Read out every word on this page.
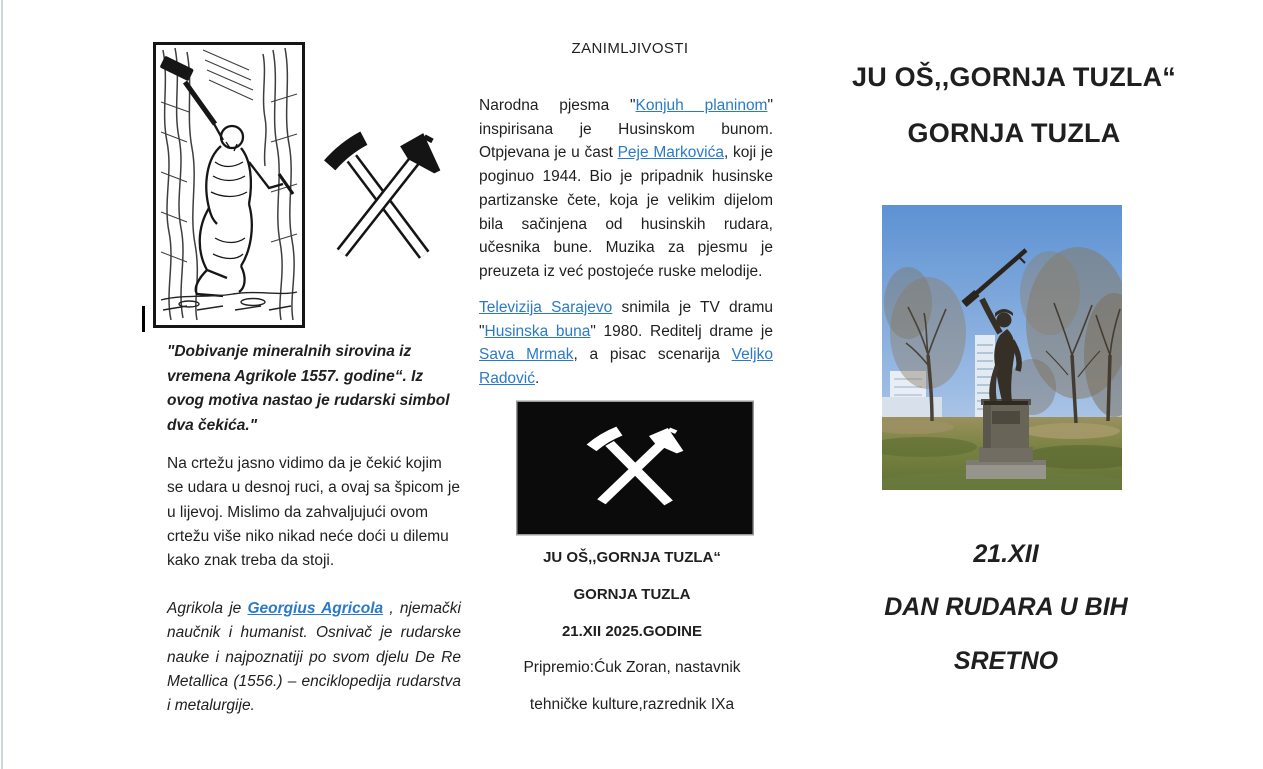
"Dobivanje mineralnih sirovina iz vremena Agrikole 1557. godine“. Iz ovog motiva nastao je rudarski simbol dva čekića."
Na crtežu jasno vidimo da je čekić kojim se udara u desnoj ruci, a ovaj sa špicom je u lijevoj. Mislimo da zahvaljujući ovom crtežu više niko nikad neće doći u dilemu kako znak treba da stoji.
Agrikola je Georgius Agricola , njemački naučnik i humanist. Osnivač je rudarske nauke i najpoznatiji po svom djelu De Re Metallica (1556.) – enciklopedija rudarstva i metalurgije.
ZANIMLJIVOSTI
Narodna pjesma "Konjuh planinom" inspirisana je Husinskom bunom. Otpjevana je u čast Peje Markovića, koji je poginuo 1944. Bio je pripadnik husinske partizanske čete, koja je velikim dijelom bila sačinjena od husinskih rudara, učesnika bune. Muzika za pjesmu je preuzeta iz već postojeće ruske melodije.
Televizija Sarajevo snimila je TV dramu "Husinska buna" 1980. Reditelj drame je Sava Mrmak, a pisac scenarija Veljko Radović.
JU OŠ,,GORNJA TUZLA“
GORNJA TUZLA
21.XII 2025.GODINE
Pripremio:Ćuk Zoran, nastavnik
tehničke kulture,razrednik IXa
JU OŠ,,GORNJA TUZLA“
GORNJA TUZLA
21.XII
DAN RUDARA U BIH
SRETNO
